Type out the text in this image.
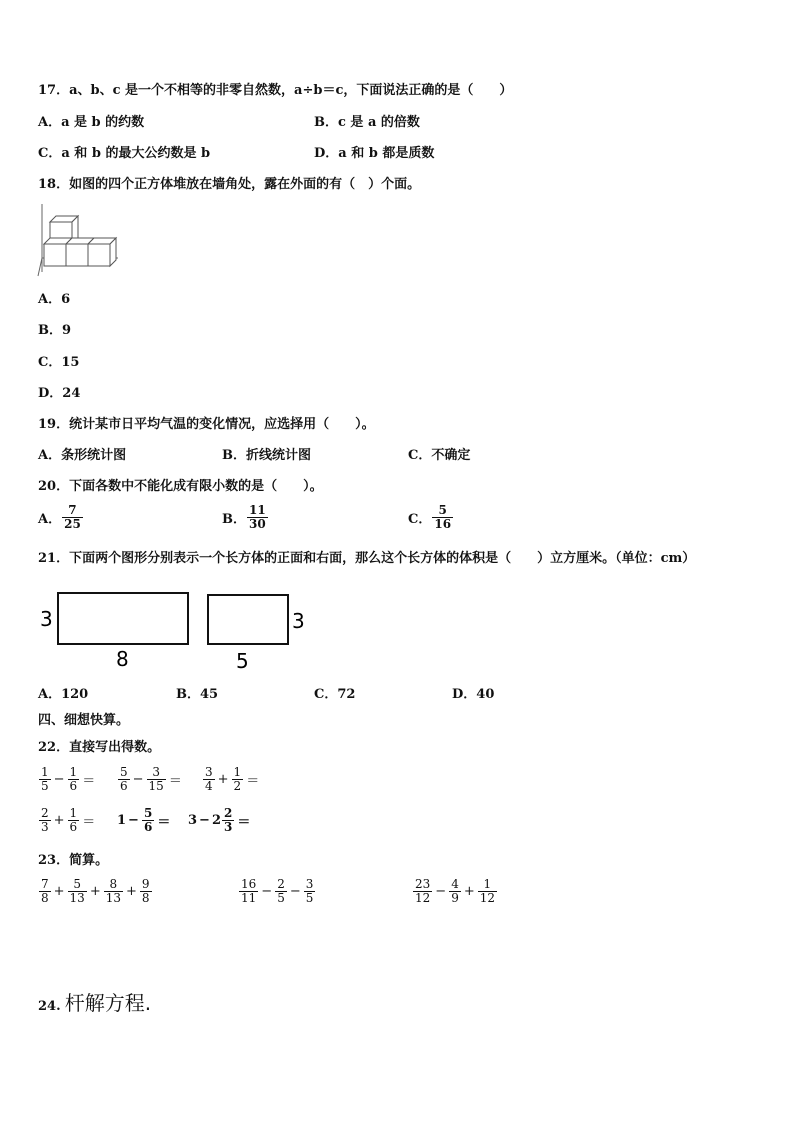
17．a、b、c 是一个不相等的非零自然数，a÷b＝c，下面说法正确的是（　　）
A．a 是 b 的约数	B．c 是 a 的倍数
C．a 和 b 的最大公约数是 b	D．a 和 b 都是质数
18．如图的四个正方体堆放在墙角处，露在外面的有（　）个面。
A．6
B．9
C．15
D．24
19．统计某市日平均气温的变化情况，应选择用（　　）。
A．条形统计图	B．折线统计图	C．不确定
20．下面各数中不能化成有限小数的是（　　）。
A． $\frac{7}{25}$	B． $\frac{11}{30}$	C． $\frac{5}{16}$
21．下面两个图形分别表示一个长方体的正面和右面，那么这个长方体的体积是（　　）立方厘米。（单位：cm）
3
8
3
5
A．120	B．45	C．72	D．40
四、细想快算。
22．直接写出得数。
$\frac{1}{5} - \frac{1}{6} = \frac{5}{6} - \frac{3}{15} = \frac{3}{4} + \frac{1}{2}$ ＝
$\frac{2}{3} + \frac{1}{6} = 1 - \frac{5}{6} = 3 - 2 \frac{2}{3}$ ＝
23．简算。
$\frac{7}{8} + \frac{5}{13} + \frac{8}{13} + \frac{9}{8}$	$\frac{16}{11} - \frac{2}{5} - \frac{3}{5}$	$\frac{23}{12} - \frac{4}{9} + \frac{1}{12}$
24. 杆解方程.
